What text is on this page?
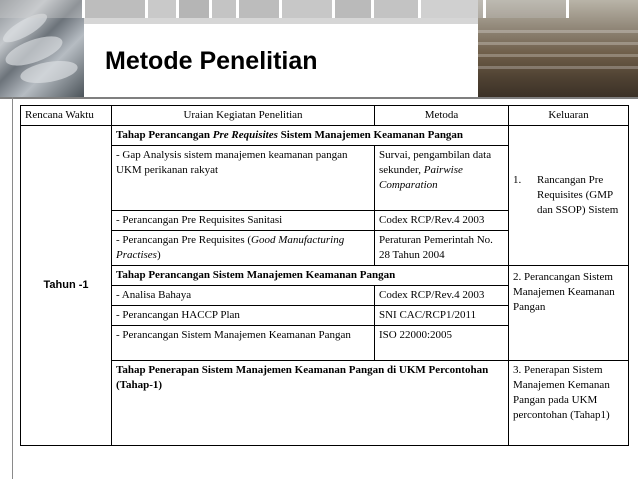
Metode Penelitian
Rencana Waktu	Uraian Kegiatan Penelitian	Metoda	Keluaran
Tahun -1	Tahap Perancangan Pre Requisites Sistem Manajemen Keamanan Pangan		1. Rancangan Pre Requisites (GMP dan SSOP) Sistem

	- Gap Analysis sistem manajemen keamanan pangan UKM perikanan rakyat	Survai, pengambilan data sekunder, Pairwise Comparation	
	- Perancangan Pre Requisites Sanitasi	Codex RCP/Rev.4 2003	
	- Perancangan Pre Requisites (Good Manufacturing Practises)	Peraturan Pemerintah No. 28 Tahun 2004	
	Tahap Perancangan Sistem Manajemen Keamanan Pangan		2. Perancangan Sistem Manajemen Keamanan Pangan
	- Analisa Bahaya	Codex RCP/Rev.4 2003	
	- Perancangan HACCP Plan	SNI CAC/RCP1/2011	
	- Perancangan Sistem Manajemen Keamanan Pangan	ISO 22000:2005	
	Tahap Penerapan Sistem Manajemen Keamanan Pangan di UKM Percontohan (Tahap-1)		3. Penerapan Sistem Manajemen Kemanan Pangan pada UKM percontohan (Tahap1)
